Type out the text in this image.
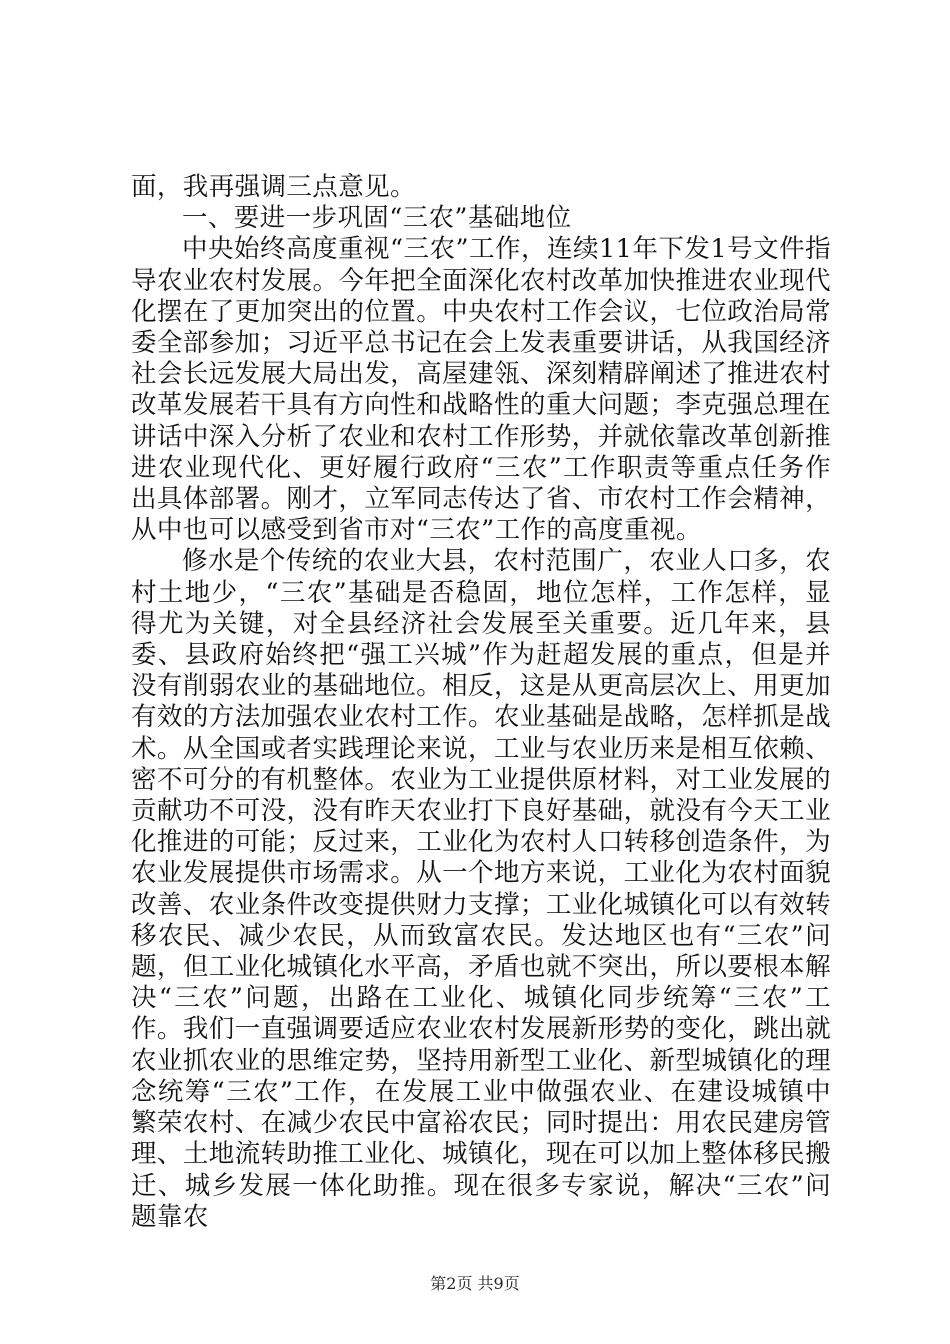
面，我再强调三点意见。

一、要进一步巩固“三农”基础地位

中央始终高度重视“三农”工作，连续11年下发1号文件指导农业农村发展。今年把全面深化农村改革加快推进农业现代化摆在了更加突出的位置。中央农村工作会议，七位政治局常委全部参加；习近平总书记在会上发表重要讲话，从我国经济社会长远发展大局出发，高屋建瓴、深刻精辟阐述了推进农村改革发展若干具有方向性和战略性的重大问题；李克强总理在讲话中深入分析了农业和农村工作形势，并就依靠改革创新推进农业现代化、更好履行政府“三农”工作职责等重点任务作出具体部署。刚才，立军同志传达了省、市农村工作会精神，从中也可以感受到省市对“三农”工作的高度重视。

修水是个传统的农业大县，农村范围广，农业人口多，农村土地少，“三农”基础是否稳固，地位怎样，工作怎样，显得尤为关键，对全县经济社会发展至关重要。近几年来，县委、县政府始终把“强工兴城”作为赶超发展的重点，但是并没有削弱农业的基础地位。相反，这是从更高层次上、用更加有效的方法加强农业农村工作。农业基础是战略，怎样抓是战术。从全国或者实践理论来说，工业与农业历来是相互依赖、密不可分的有机整体。农业为工业提供原材料，对工业发展的贡献功不可没，没有昨天农业打下良好基础，就没有今天工业化推进的可能；反过来，工业化为农村人口转移创造条件，为农业发展提供市场需求。从一个地方来说，工业化为农村面貌改善、农业条件改变提供财力支撑；工业化城镇化可以有效转移农民、减少农民，从而致富农民。发达地区也有“三农”问题，但工业化城镇化水平高，矛盾也就不突出，所以要根本解决“三农”问题，出路在工业化、城镇化同步统筹“三农”工作。我们一直强调要适应农业农村发展新形势的变化，跳出就农业抓农业的思维定势，坚持用新型工业化、新型城镇化的理念统筹“三农”工作，在发展工业中做强农业、在建设城镇中繁荣农村、在减少农民中富裕农民；同时提出：用农民建房管理、土地流转助推工业化、城镇化，现在可以加上整体移民搬迁、城乡发展一体化助推。现在很多专家说，解决“三农”问题靠农

第2页 共9页
